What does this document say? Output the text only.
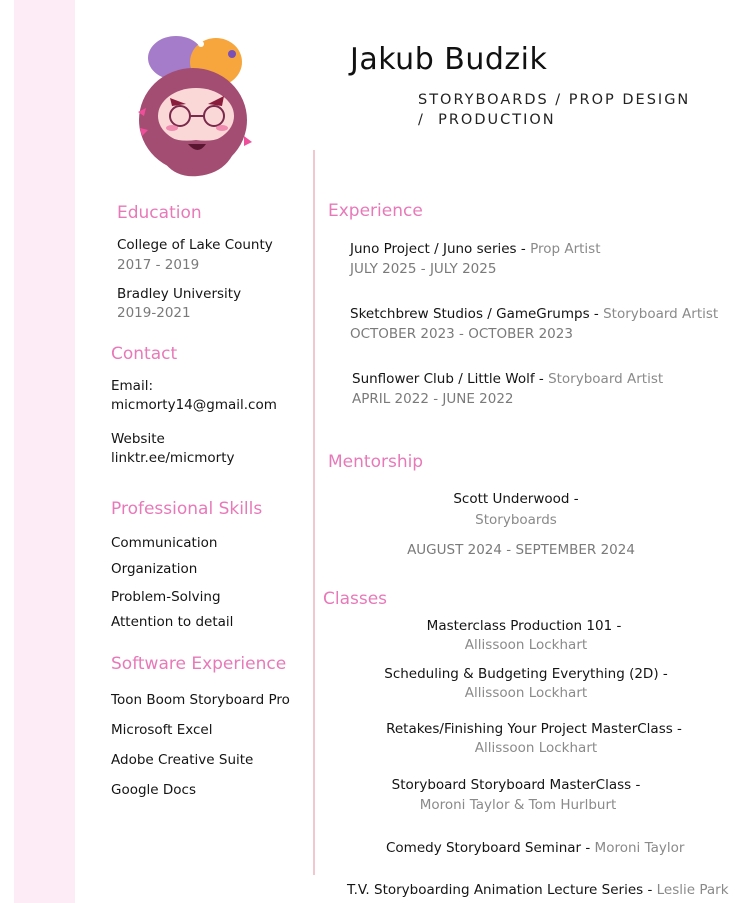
Jakub Budzik
STORYBOARDS / PROP DESIGN
/  PRODUCTION
Education
College of Lake County
2017 - 2019
Bradley University
2019-2021
Contact
Email:
micmorty14@gmail.com
Website
linktr.ee/micmorty
Professional Skills
Communication
Organization
Problem-Solving
Attention to detail
Software Experience
Toon Boom Storyboard Pro
Microsoft Excel
Adobe Creative Suite
Google Docs
Experience
Juno Project / Juno series - Prop Artist
JULY 2025 - JULY 2025
Sketchbrew Studios / GameGrumps - Storyboard Artist
OCTOBER 2023 - OCTOBER 2023
Sunflower Club / Little Wolf - Storyboard Artist
APRIL 2022 - JUNE 2022
Mentorship
Scott Underwood -
Storyboards
AUGUST 2024 - SEPTEMBER 2024
Classes
Masterclass Production 101 -
Allissoon Lockhart
Scheduling & Budgeting Everything (2D) -
Allissoon Lockhart
Retakes/Finishing Your Project MasterClass -
Allissoon Lockhart
Storyboard Storyboard MasterClass -
Moroni Taylor & Tom Hurlburt
Comedy Storyboard Seminar - Moroni Taylor
T.V. Storyboarding Animation Lecture Series - Leslie Park
